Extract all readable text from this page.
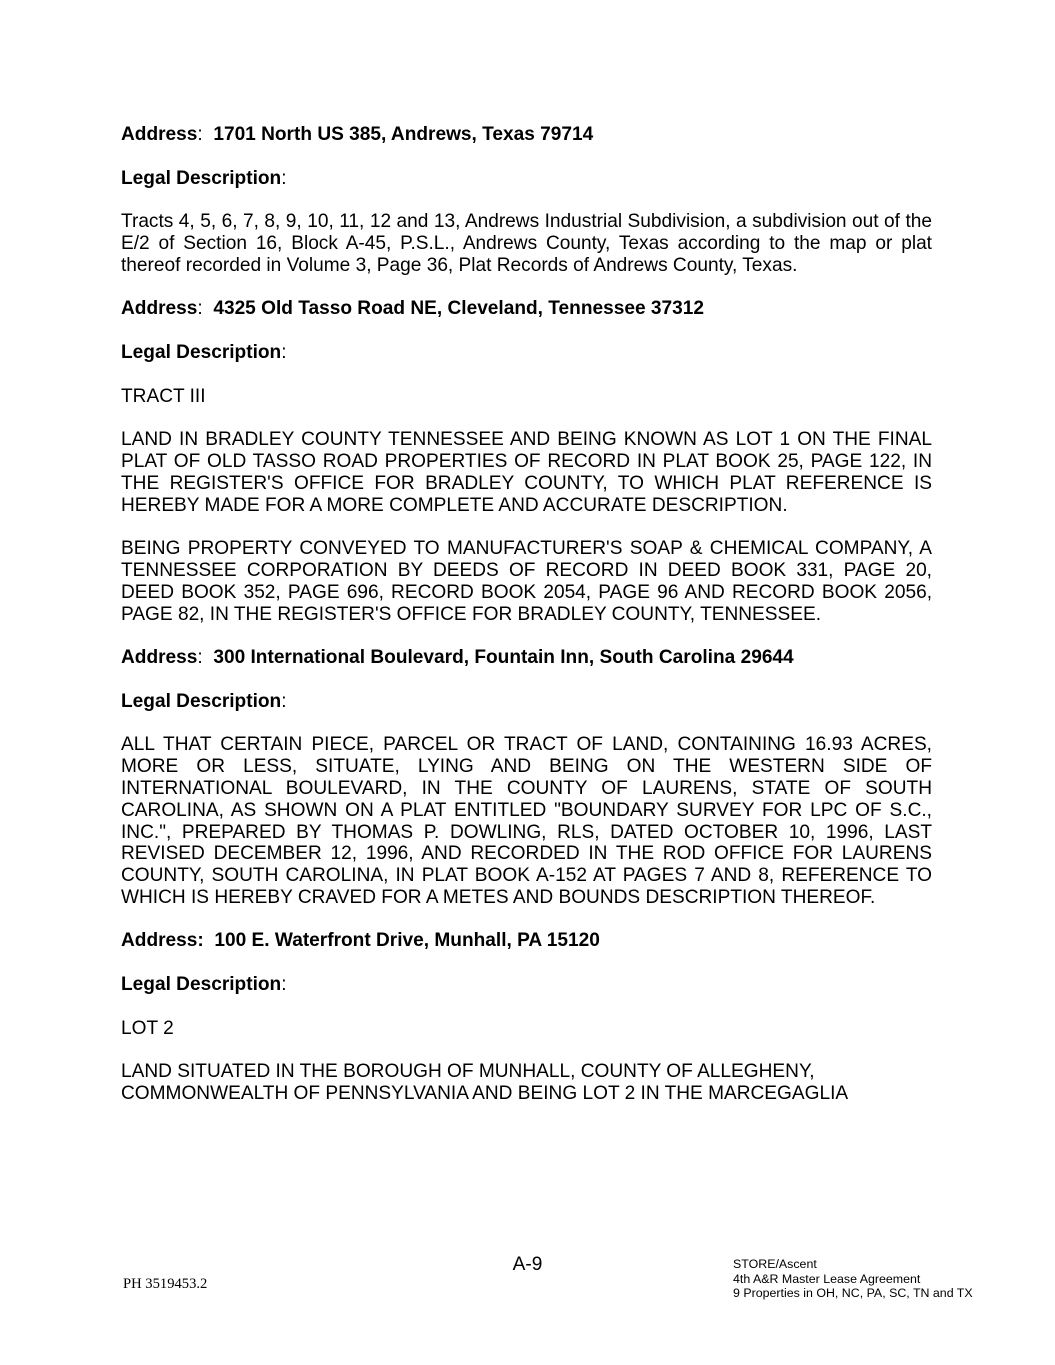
Address:  1701 North US 385, Andrews, Texas 79714

Legal Description:

Tracts 4, 5, 6, 7, 8, 9, 10, 11, 12 and 13, Andrews Industrial Subdivision, a subdivision out of the
E/2 of Section 16, Block A-45, P.S.L., Andrews County, Texas according to the map or plat
thereof recorded in Volume 3, Page 36, Plat Records of Andrews County, Texas.

Address:  4325 Old Tasso Road NE, Cleveland, Tennessee 37312

Legal Description:

TRACT III
LAND IN BRADLEY COUNTY TENNESSEE AND BEING KNOWN AS LOT 1 ON THE FINAL
PLAT OF OLD TASSO ROAD PROPERTIES OF RECORD IN PLAT BOOK 25, PAGE 122, IN
THE REGISTER'S OFFICE FOR BRADLEY COUNTY, TO WHICH PLAT REFERENCE IS
HEREBY MADE FOR A MORE COMPLETE AND ACCURATE DESCRIPTION.
BEING PROPERTY CONVEYED TO MANUFACTURER'S SOAP & CHEMICAL COMPANY, A
TENNESSEE CORPORATION BY DEEDS OF RECORD IN DEED BOOK 331, PAGE 20,
DEED BOOK 352, PAGE 696, RECORD BOOK 2054, PAGE 96 AND RECORD BOOK 2056,
PAGE 82, IN THE REGISTER'S OFFICE FOR BRADLEY COUNTY, TENNESSEE.

Address:  300 International Boulevard, Fountain Inn, South Carolina 29644

Legal Description:

ALL THAT CERTAIN PIECE, PARCEL OR TRACT OF LAND, CONTAINING 16.93 ACRES,
MORE OR LESS, SITUATE, LYING AND BEING ON THE WESTERN SIDE OF
INTERNATIONAL BOULEVARD, IN THE COUNTY OF LAURENS, STATE OF SOUTH
CAROLINA, AS SHOWN ON A PLAT ENTITLED "BOUNDARY SURVEY FOR LPC OF S.C.,
INC.", PREPARED BY THOMAS P. DOWLING, RLS, DATED OCTOBER 10, 1996, LAST
REVISED DECEMBER 12, 1996, AND RECORDED IN THE ROD OFFICE FOR LAURENS
COUNTY, SOUTH CAROLINA, IN PLAT BOOK A-152 AT PAGES 7 AND 8, REFERENCE TO
WHICH IS HEREBY CRAVED FOR A METES AND BOUNDS DESCRIPTION THEREOF.

Address:  100 E. Waterfront Drive, Munhall, PA 15120

Legal Description:

LOT 2
LAND SITUATED IN THE BOROUGH OF MUNHALL, COUNTY OF ALLEGHENY,
COMMONWEALTH OF PENNSYLVANIA AND BEING LOT 2 IN THE MARCEGAGLIA
A-9
PH 3519453.2
STORE/Ascent
4th A&R Master Lease Agreement
9 Properties in OH, NC, PA, SC, TN and TX
